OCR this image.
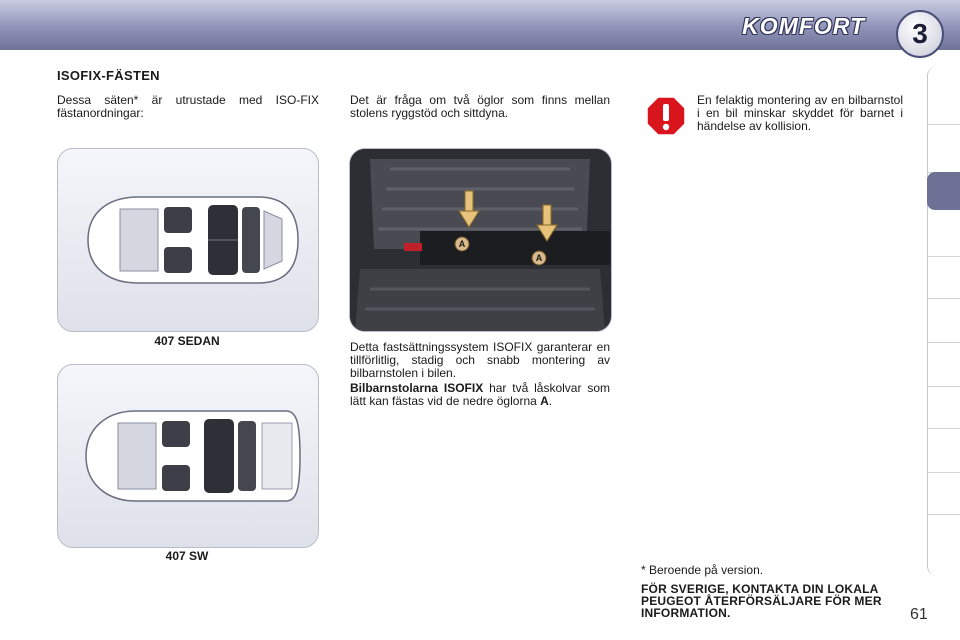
KOMFORT	3
ISOFIX-FÄSTEN
Dessa säten* är utrustade med ISO-FIX fästanordningar:
407 SEDAN
407 SW
Det är fråga om två öglor som finns mellan stolens ryggstöd och sittdyna.
A
A
Detta fastsättningssystem ISOFIX garanterar en tillförlitlig, stadig och snabb montering av bilbarnstolen i bilen.
Bilbarnstolarna ISOFIX har två låskolvar som lätt kan fästas vid de nedre öglorna A.
En felaktig montering av en bilbarnstol i en bil minskar skyddet för barnet i händelse av kollision.
* Beroende på version.
FÖR SVERIGE, KONTAKTA DIN LOKALA PEUGEOT ÅTERFÖRSÄLJARE FÖR MER INFORMATION.	61
